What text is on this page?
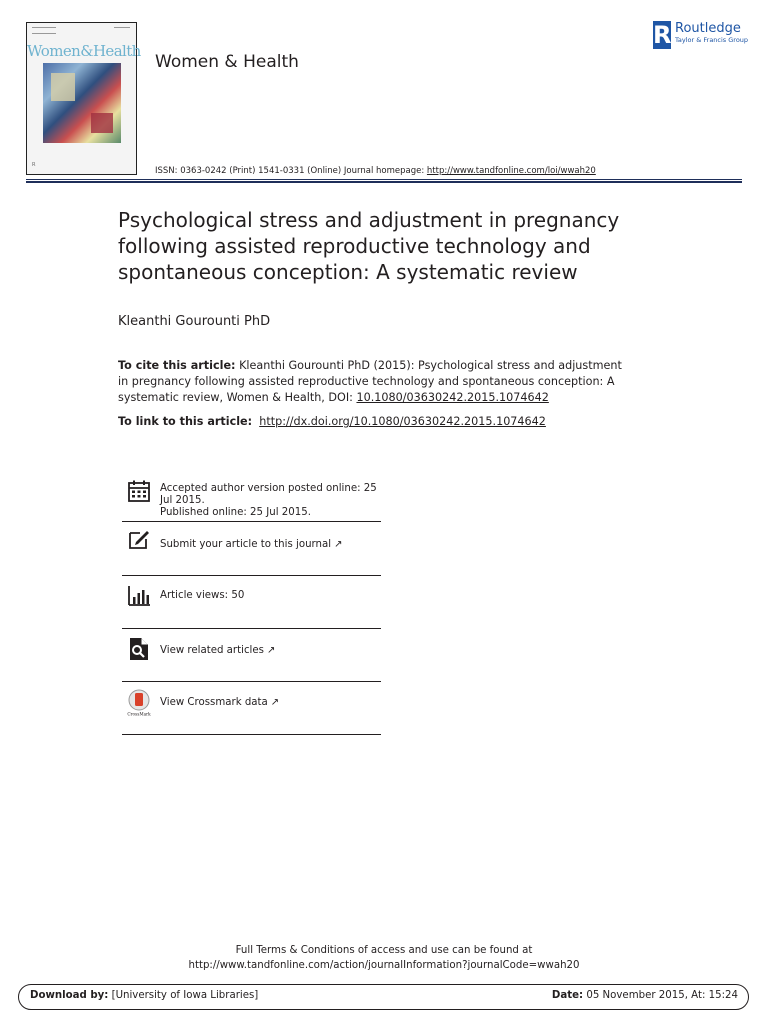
Women&Health
R
Women & Health
R Routledge
Taylor & Francis Group
ISSN: 0363-0242 (Print) 1541-0331 (Online) Journal homepage: http://www.tandfonline.com/loi/wwah20
Psychological stress and adjustment in pregnancy following assisted reproductive technology and spontaneous conception: A systematic review
Kleanthi Gourounti PhD
To cite this article: Kleanthi Gourounti PhD (2015): Psychological stress and adjustment in pregnancy following assisted reproductive technology and spontaneous conception: A systematic review, Women & Health, DOI: 10.1080/03630242.2015.1074642
To link to this article: http://dx.doi.org/10.1080/03630242.2015.1074642
Accepted author version posted online: 25 Jul 2015.
Published online: 25 Jul 2015.
Submit your article to this journal ↗
Article views: 50
View related articles ↗
CrossMark
View Crossmark data ↗
Full Terms & Conditions of access and use can be found at
http://www.tandfonline.com/action/journalInformation?journalCode=wwah20
Download by: [University of Iowa Libraries]	Date: 05 November 2015, At: 15:24
